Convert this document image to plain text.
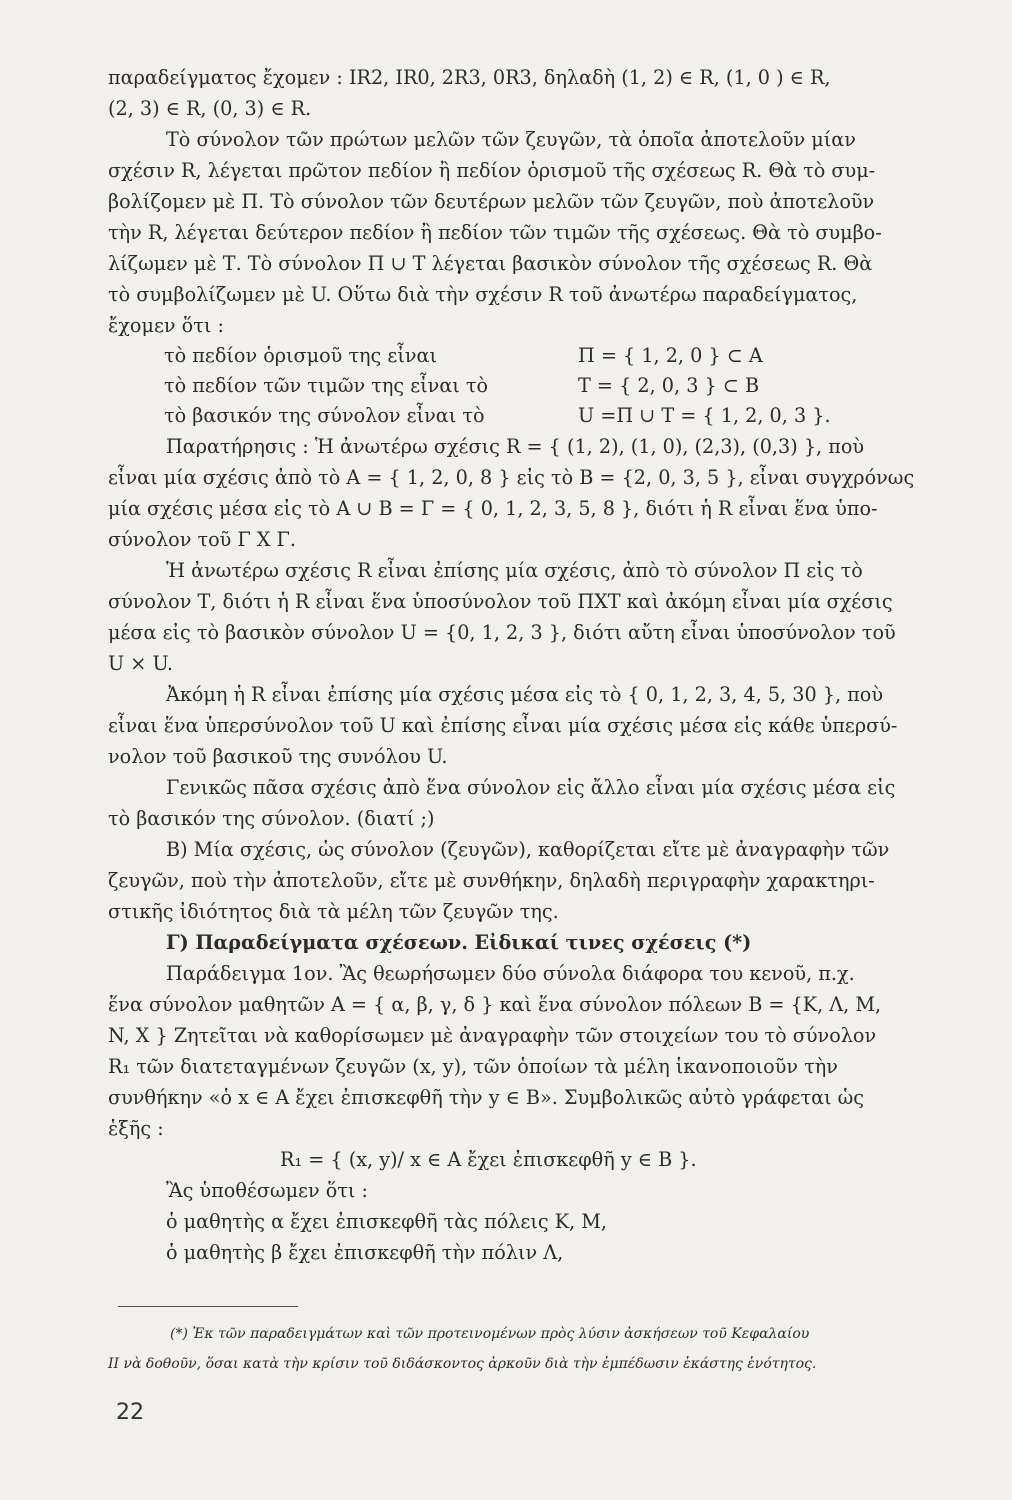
παραδείγματος ἔχομεν : IR2, IR0, 2R3, 0R3, δηλαδὴ (1, 2) ∈ R, (1, 0 ) ∈ R,

(2, 3) ∈ R, (0, 3) ∈ R.

Τὸ σύνολον τῶν πρώτων μελῶν τῶν ζευγῶν, τὰ ὁποῖα ἀποτελοῦν μίαν

σχέσιν R, λέγεται πρῶτον πεδίον ἢ πεδίον ὁρισμοῦ τῆς σχέσεως R. Θὰ τὸ συμ-

βολίζομεν μὲ Π. Τὸ σύνολον τῶν δευτέρων μελῶν τῶν ζευγῶν, ποὺ ἀποτελοῦν

τὴν R, λέγεται δεύτερον πεδίον ἢ πεδίον τῶν τιμῶν τῆς σχέσεως. Θὰ τὸ συμβο-

λίζωμεν μὲ Τ. Τὸ σύνολον Π ∪ Τ λέγεται βασικὸν σύνολον τῆς σχέσεως R. Θὰ

τὸ συμβολίζωμεν μὲ U. Οὕτω διὰ τὴν σχέσιν R τοῦ ἀνωτέρω παραδείγματος,

ἔχομεν ὅτι :

τὸ πεδίον ὁρισμοῦ της εἶναι	Π = { 1, 2, 0 } ⊂ A
τὸ πεδίον τῶν τιμῶν της εἶναι τὸ	Τ = { 2, 0, 3 } ⊂ B
τὸ βασικόν της σύνολον εἶναι τὸ	U =Π ∪ Τ = { 1, 2, 0, 3 }.

Παρατήρησις : Ἡ ἀνωτέρω σχέσις R = { (1, 2), (1, 0), (2,3), (0,3) }, ποὺ

εἶναι μία σχέσις ἀπὸ τὸ A = { 1, 2, 0, 8 } εἰς τὸ B = {2, 0, 3, 5 }, εἶναι συγχρόνως

μία σχέσις μέσα εἰς τὸ A ∪ B = Γ = { 0, 1, 2, 3, 5, 8 }, διότι ἡ R εἶναι ἕνα ὑπο-

σύνολον τοῦ Γ X Γ.

Ἡ ἀνωτέρω σχέσις R εἶναι ἐπίσης μία σχέσις, ἀπὸ τὸ σύνολον Π εἰς τὸ

σύνολον Τ, διότι ἡ R εἶναι ἕνα ὑποσύνολον τοῦ ΠXΤ καὶ ἀκόμη εἶναι μία σχέσις

μέσα εἰς τὸ βασικὸν σύνολον U = {0, 1, 2, 3 }, διότι αὔτη εἶναι ὑποσύνολον τοῦ

U × U.

Ἀκόμη ἡ R εἶναι ἐπίσης μία σχέσις μέσα εἰς τὸ { 0, 1, 2, 3, 4, 5, 30 }, ποὺ

εἶναι ἕνα ὑπερσύνολον τοῦ U καὶ ἐπίσης εἶναι μία σχέσις μέσα εἰς κάθε ὑπερσύ-

νολον τοῦ βασικοῦ της συνόλου U.

Γενικῶς πᾶσα σχέσις ἀπὸ ἕνα σύνολον εἰς ἄλλο εἶναι μία σχέσις μέσα εἰς

τὸ βασικόν της σύνολον. (διατί ;)

B) Μία σχέσις, ὡς σύνολον (ζευγῶν), καθορίζεται εἴτε μὲ ἀναγραφὴν τῶν

ζευγῶν, ποὺ τὴν ἀποτελοῦν, εἴτε μὲ συνθήκην, δηλαδὴ περιγραφὴν χαρακτηρι-

στικῆς ἰδιότητος διὰ τὰ μέλη τῶν ζευγῶν της.

Γ) Παραδείγματα σχέσεων. Εἰδικαί τινες σχέσεις (*)

Παράδειγμα 1ον. Ἂς θεωρήσωμεν δύο σύνολα διάφορα του κενοῦ, π.χ.

ἕνα σύνολον μαθητῶν A = { α, β, γ, δ } καὶ ἕνα σύνολον πόλεων B = {K, Λ, M,

N, X } Ζητεῖται νὰ καθορίσωμεν μὲ ἀναγραφὴν τῶν στοιχείων του τὸ σύνολον

R₁ τῶν διατεταγμένων ζευγῶν (x, y), τῶν ὁποίων τὰ μέλη ἱκανοποιοῦν τὴν

συνθήκην «ὁ x ∈ A ἔχει ἐπισκεφθῆ τὴν y ∈ B». Συμβολικῶς αὐτὸ γράφεται ὡς

ἑξῆς :

R₁ = { (x, y)/ x ∈ A ἔχει ἐπισκεφθῆ y ∈ B }.

Ἂς ὑποθέσωμεν ὅτι :

ὁ μαθητὴς α ἔχει ἐπισκεφθῆ τὰς πόλεις K, M,

ὁ μαθητὴς β ἔχει ἐπισκεφθῆ τὴν πόλιν Λ,

(*) Ἐκ τῶν παραδειγμάτων καὶ τῶν προτεινομένων πρὸς λύσιν ἀσκήσεων τοῦ Κεφαλαίου

II νὰ δοθοῦν, ὅσαι κατὰ τὴν κρίσιν τοῦ διδάσκοντος ἀρκοῦν διὰ τὴν ἐμπέδωσιν ἑκάστης ἑνότητος.

22
